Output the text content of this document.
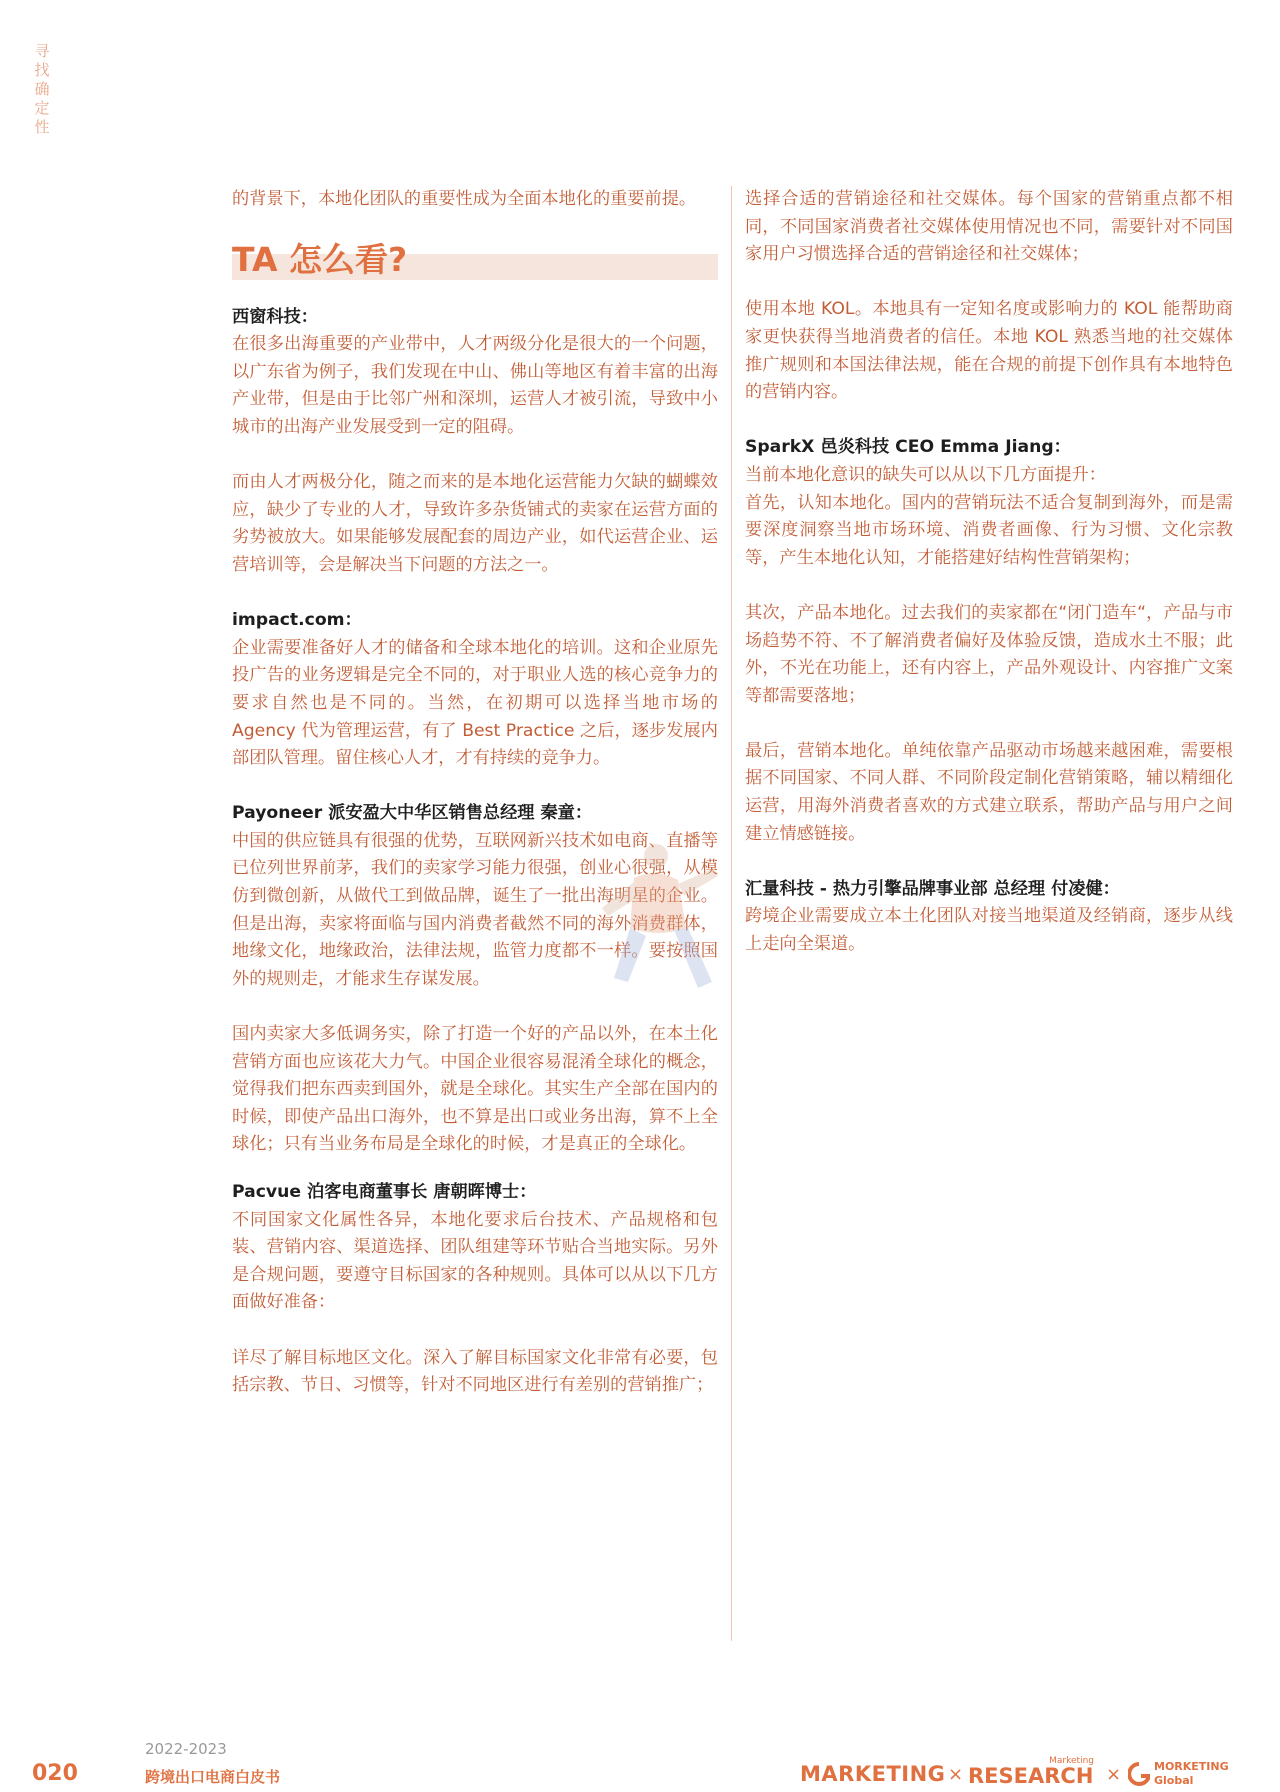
寻
找
确
定
性

的背景下，本地化团队的重要性成为全面本地化的重要前提。

TA 怎么看?

西窗科技：

在很多出海重要的产业带中，人才两级分化是很大的一个问题，以广东省为例子，我们发现在中山、佛山等地区有着丰富的出海产业带，但是由于比邻广州和深圳，运营人才被引流，导致中小城市的出海产业发展受到一定的阻碍。

而由人才两极分化，随之而来的是本地化运营能力欠缺的蝴蝶效应，缺少了专业的人才，导致许多杂货铺式的卖家在运营方面的劣势被放大。如果能够发展配套的周边产业，如代运营企业、运营培训等，会是解决当下问题的方法之一。

impact.com：

企业需要准备好人才的储备和全球本地化的培训。这和企业原先投广告的业务逻辑是完全不同的，对于职业人选的核心竞争力的要求自然也是不同的。当然，在初期可以选择当地市场的 Agency 代为管理运营，有了 Best Practice 之后，逐步发展内部团队管理。留住核心人才，才有持续的竞争力。

Payoneer 派安盈大中华区销售总经理 秦童：

中国的供应链具有很强的优势，互联网新兴技术如电商、直播等已位列世界前茅，我们的卖家学习能力很强，创业心很强，从模仿到微创新，从做代工到做品牌，诞生了一批出海明星的企业。但是出海，卖家将面临与国内消费者截然不同的海外消费群体，地缘文化，地缘政治，法律法规，监管力度都不一样。要按照国外的规则走，才能求生存谋发展。

国内卖家大多低调务实，除了打造一个好的产品以外，在本土化营销方面也应该花大力气。中国企业很容易混淆全球化的概念，觉得我们把东西卖到国外，就是全球化。其实生产全部在国内的时候，即使产品出口海外，也不算是出口或业务出海，算不上全球化；只有当业务布局是全球化的时候，才是真正的全球化。

Pacvue 泊客电商董事长 唐朝晖博士：

不同国家文化属性各异，本地化要求后台技术、产品规格和包装、营销内容、渠道选择、团队组建等环节贴合当地实际。另外是合规问题，要遵守目标国家的各种规则。具体可以从以下几方面做好准备：

详尽了解目标地区文化。深入了解目标国家文化非常有必要，包括宗教、节日、习惯等，针对不同地区进行有差别的营销推广；

选择合适的营销途径和社交媒体。每个国家的营销重点都不相同，不同国家消费者社交媒体使用情况也不同，需要针对不同国家用户习惯选择合适的营销途径和社交媒体；

使用本地 KOL。本地具有一定知名度或影响力的 KOL 能帮助商家更快获得当地消费者的信任。本地 KOL 熟悉当地的社交媒体推广规则和本国法律法规，能在合规的前提下创作具有本地特色的营销内容。

SparkX 邑炎科技 CEO Emma Jiang：

当前本地化意识的缺失可以从以下几方面提升：
首先，认知本地化。国内的营销玩法不适合复制到海外，而是需要深度洞察当地市场环境、消费者画像、行为习惯、文化宗教等，产生本地化认知，才能搭建好结构性营销架构；

其次，产品本地化。过去我们的卖家都在“闭门造车“，产品与市场趋势不符、不了解消费者偏好及体验反馈，造成水土不服；此外，不光在功能上，还有内容上，产品外观设计、内容推广文案等都需要落地；

最后，营销本地化。单纯依靠产品驱动市场越来越困难，需要根据不同国家、不同人群、不同阶段定制化营销策略，辅以精细化运营，用海外消费者喜欢的方式建立联系，帮助产品与用户之间建立情感链接。

汇量科技 - 热力引擎品牌事业部 总经理 付凌健：

跨境企业需要成立本土化团队对接当地渠道及经销商，逐步从线上走向全渠道。

020
2022-2023
跨境出口电商白皮书	MARKETING ×
Marketing
RESEARCH ×	MORKETING
Global
